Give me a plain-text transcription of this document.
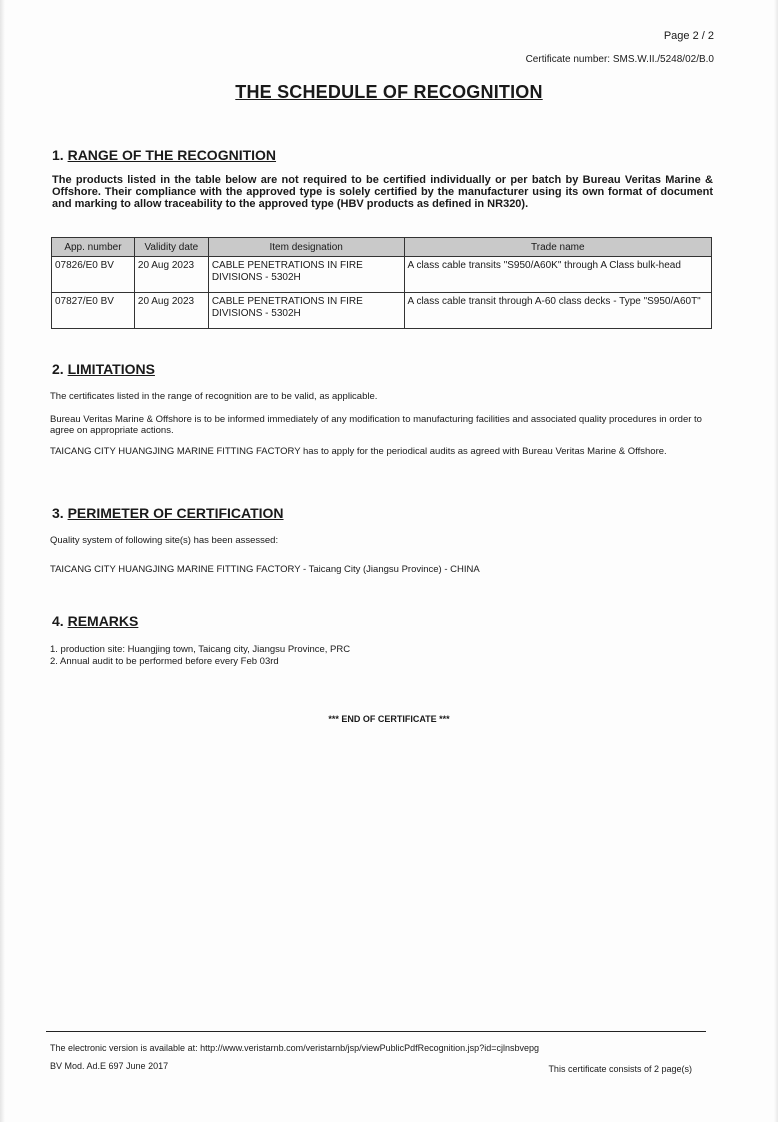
Page 2 / 2
Certificate number: SMS.W.II./5248/02/B.0
THE SCHEDULE OF RECOGNITION
1. RANGE OF THE RECOGNITION
The products listed in the table below are not required to be certified individually or per batch by Bureau Veritas Marine & Offshore. Their compliance with the approved type is solely certified by the manufacturer using its own format of document and marking to allow traceability to the approved type (HBV products as defined in NR320).
App. number	Validity date	Item designation	Trade name
07826/E0 BV	20 Aug 2023	CABLE PENETRATIONS IN FIRE DIVISIONS - 5302H	A class cable transits "S950/A60K" through A Class bulk-head
07827/E0 BV	20 Aug 2023	CABLE PENETRATIONS IN FIRE DIVISIONS - 5302H	A class cable transit through A-60 class decks - Type "S950/A60T"
2. LIMITATIONS
The certificates listed in the range of recognition are to be valid, as applicable.
Bureau Veritas Marine & Offshore is to be informed immediately of any modification to manufacturing facilities and associated quality procedures in order to agree on appropriate actions.
TAICANG CITY HUANGJING MARINE FITTING FACTORY has to apply for the periodical audits as agreed with Bureau Veritas Marine & Offshore.
3. PERIMETER OF CERTIFICATION
Quality system of following site(s) has been assessed:
TAICANG CITY HUANGJING MARINE FITTING FACTORY - Taicang City (Jiangsu Province) - CHINA
4. REMARKS
1. production site: Huangjing town, Taicang city, Jiangsu Province, PRC
2. Annual audit to be performed before every Feb 03rd
*** END OF CERTIFICATE ***
The electronic version is available at: http://www.veristarnb.com/veristarnb/jsp/viewPublicPdfRecognition.jsp?id=cjlnsbvepg
BV Mod. Ad.E 697 June 2017	This certificate consists of 2 page(s)
